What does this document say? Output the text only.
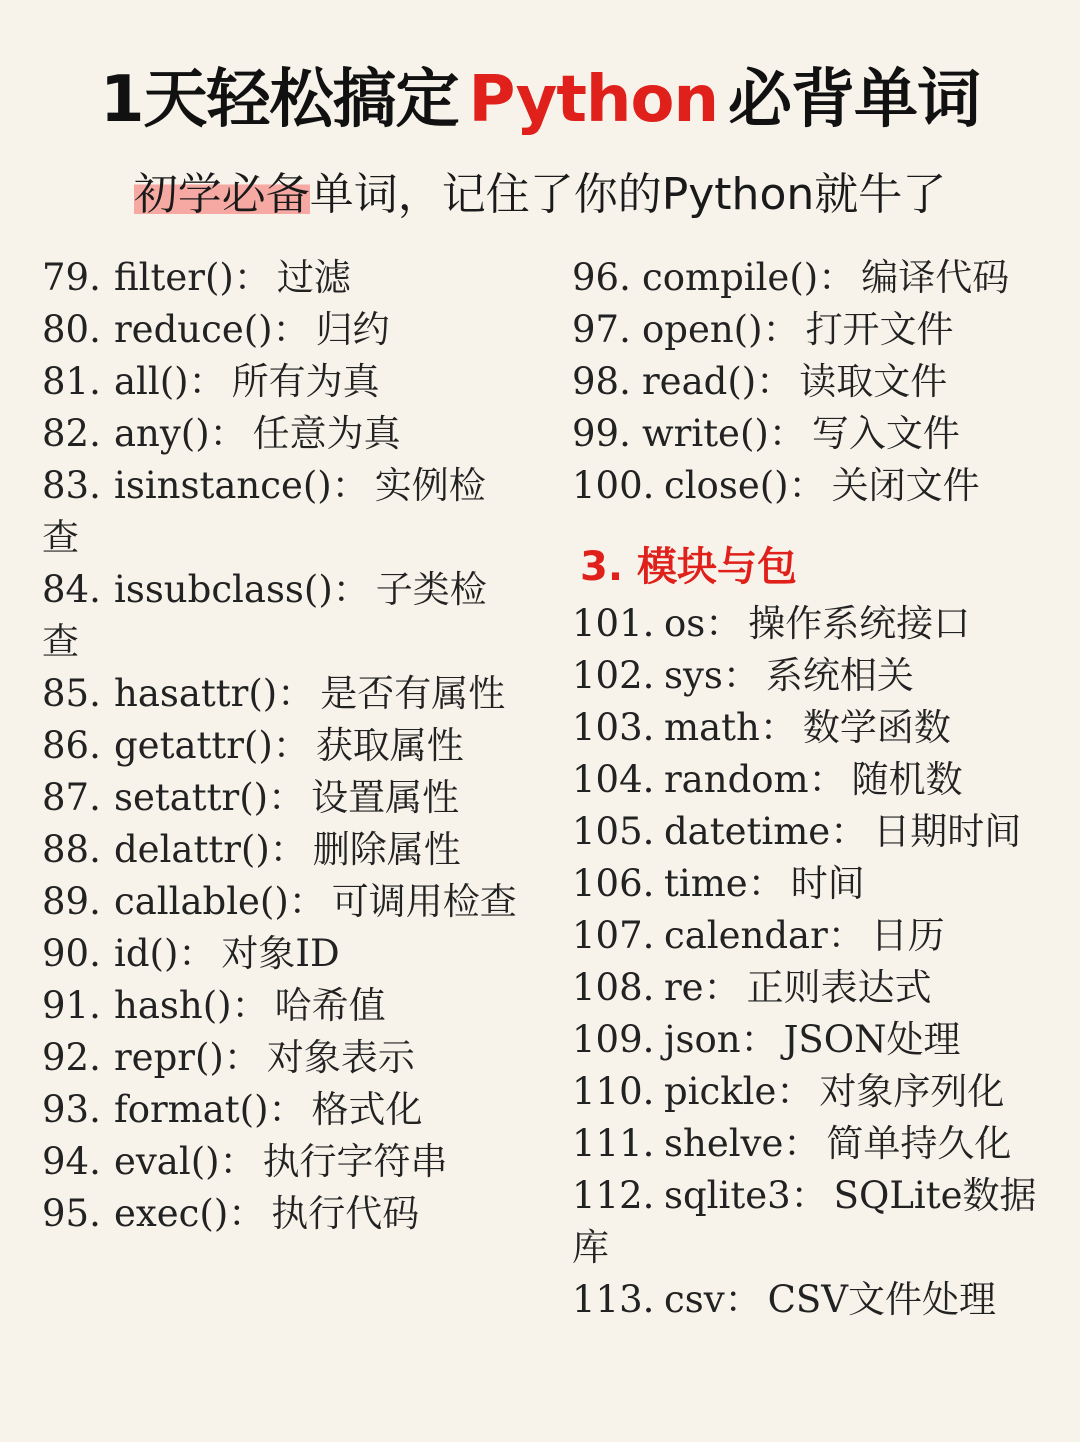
1天轻松搞定 Python 必背单词
初学必备单词，记住了你的Python就牛了
79. filter()： 过滤
80. reduce()： 归约
81. all()： 所有为真
82. any()： 任意为真
83. isinstance()： 实例检查
84. issubclass()： 子类检查
85. hasattr()： 是否有属性
86. getattr()： 获取属性
87. setattr()： 设置属性
88. delattr()： 删除属性
89. callable()： 可调用检查
90. id()： 对象ID
91. hash()： 哈希值
92. repr()： 对象表示
93. format()： 格式化
94. eval()： 执行字符串
95. exec()： 执行代码
96. compile()： 编译代码
97. open()： 打开文件
98. read()： 读取文件
99. write()： 写入文件
100. close()： 关闭文件
3. 模块与包
101. os： 操作系统接口
102. sys： 系统相关
103. math： 数学函数
104. random： 随机数
105. datetime： 日期时间
106. time： 时间
107. calendar： 日历
108. re： 正则表达式
109. json： JSON处理
110. pickle： 对象序列化
111. shelve： 简单持久化
112. sqlite3： SQLite数据库
113. csv： CSV文件处理
